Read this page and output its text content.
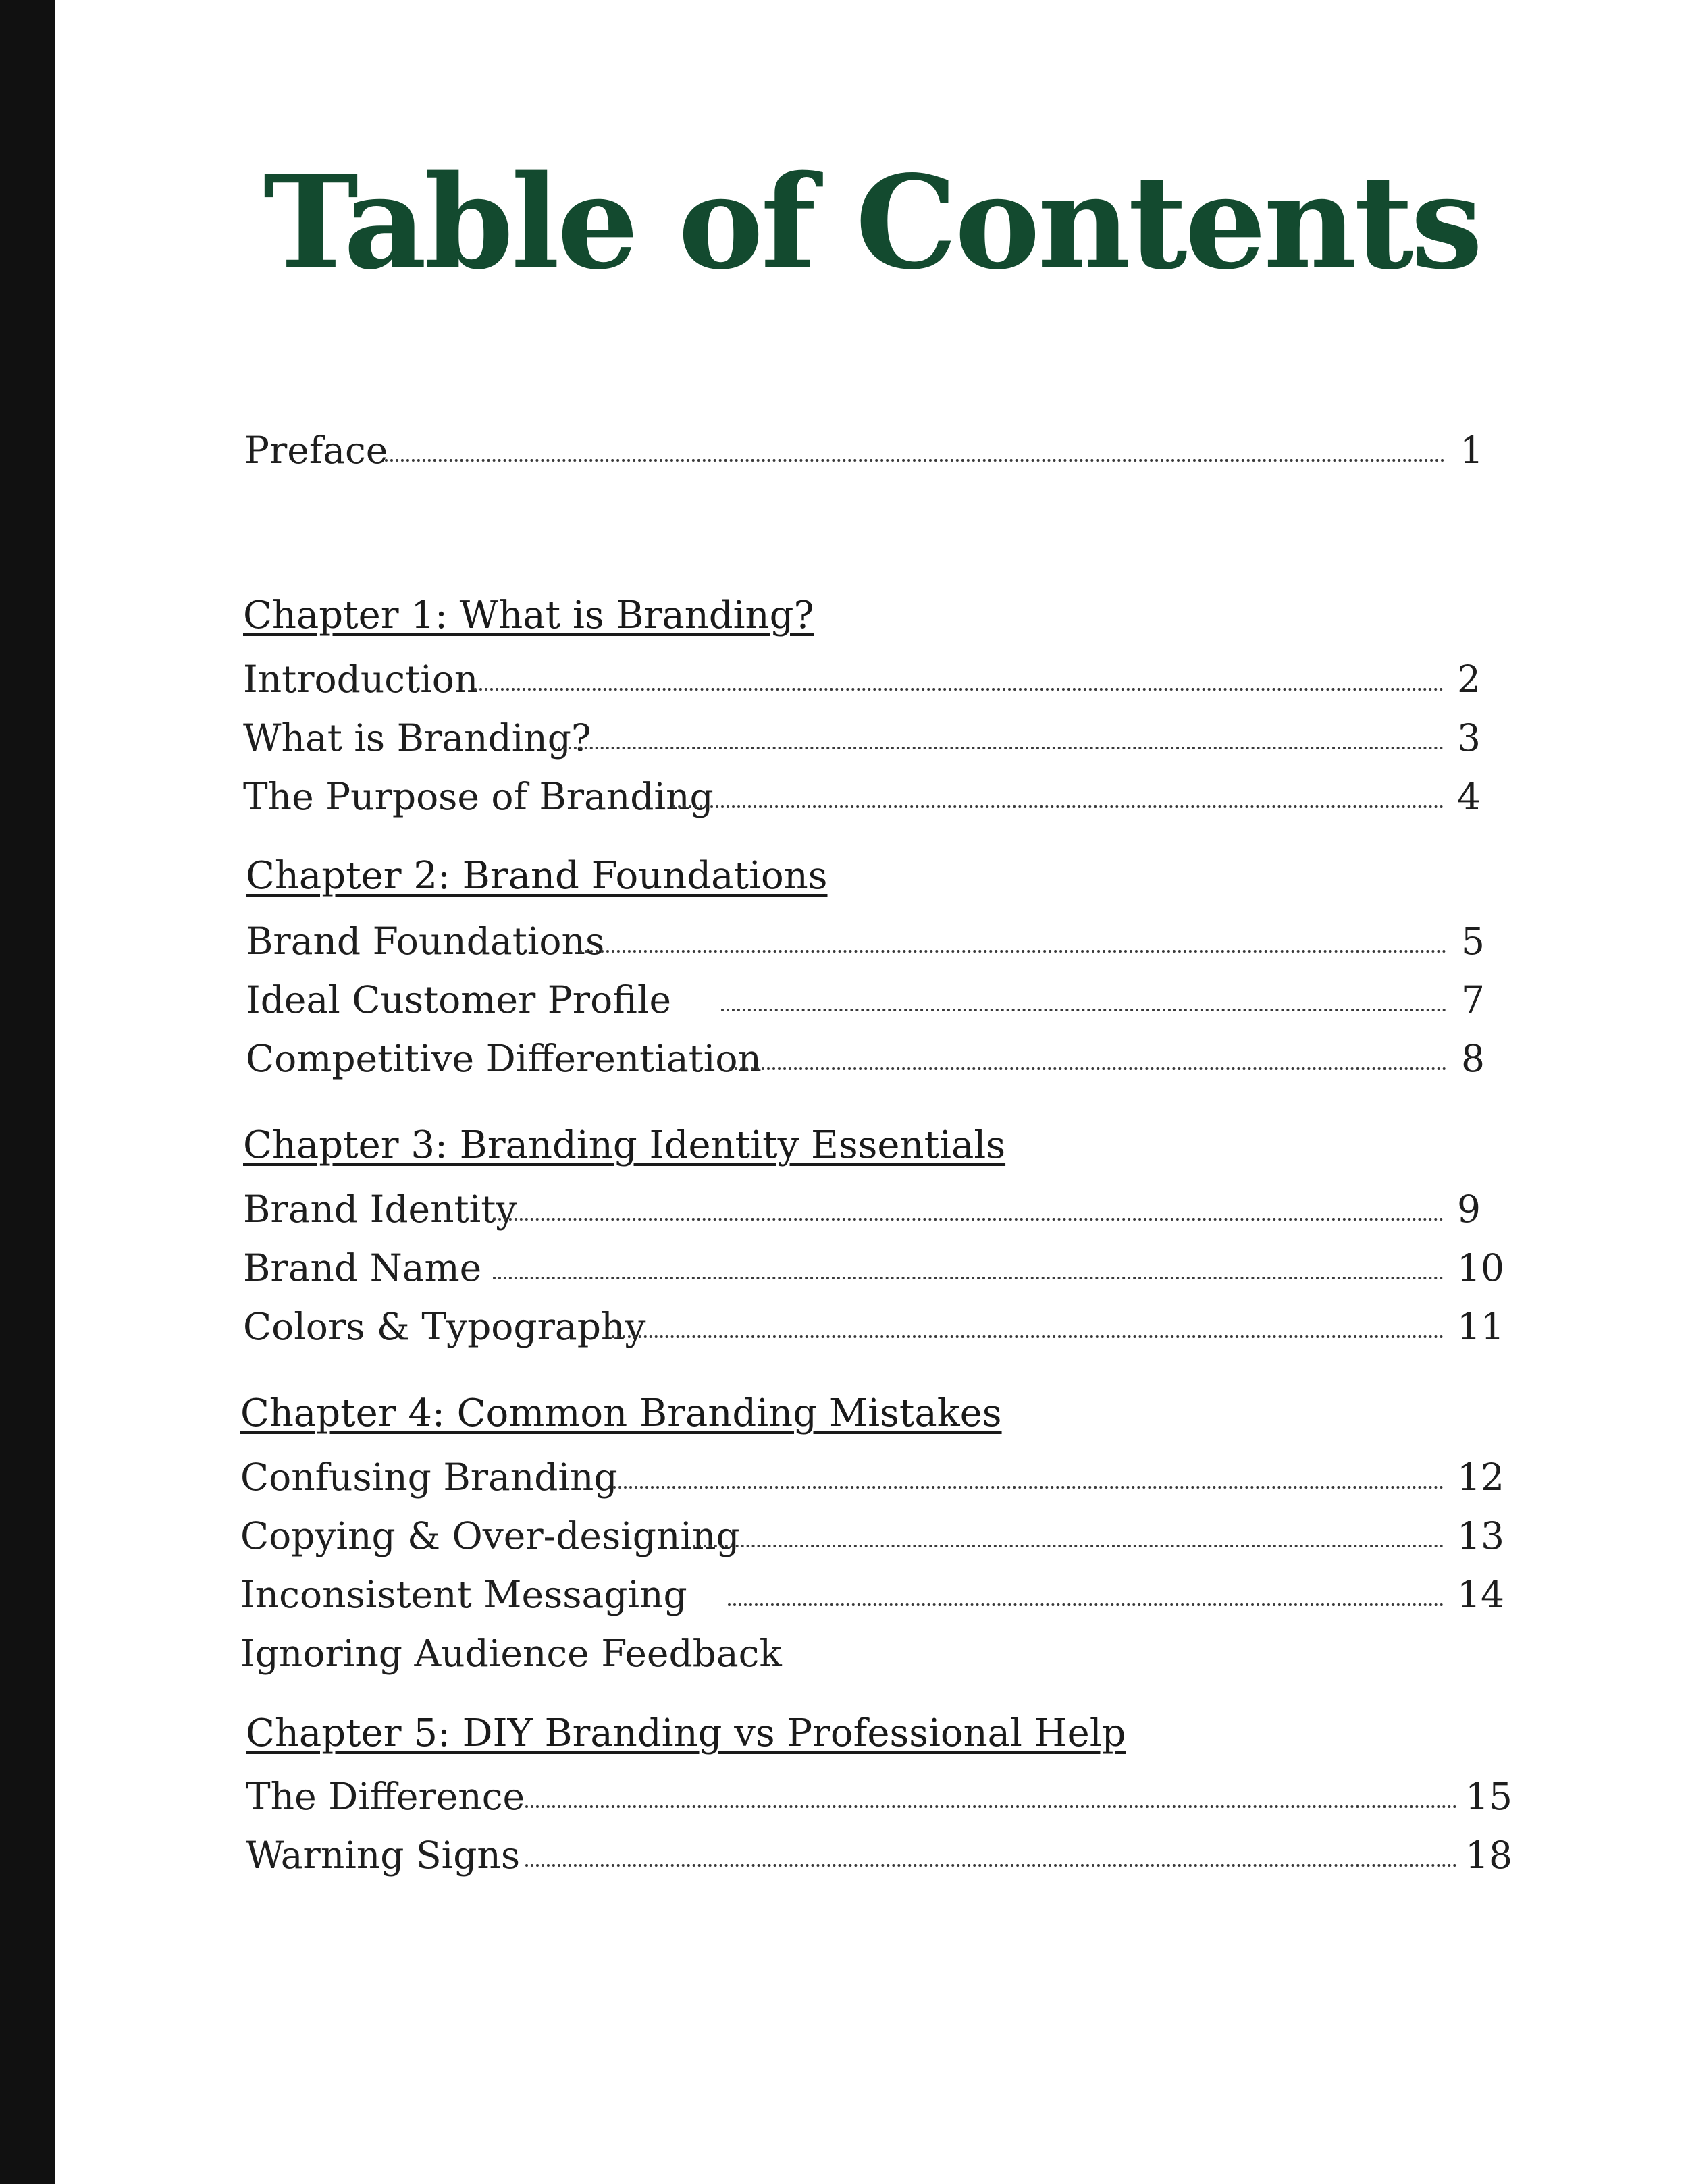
Table of Contents
Preface	1
Chapter 1: What is Branding?
Introduction	2
What is Branding?	3
The Purpose of Branding	4
Chapter 2: Brand Foundations
Brand Foundations	5
Ideal Customer Profile	7
Competitive Differentiation	8
Chapter 3: Branding Identity Essentials
Brand Identity	9
Brand Name	10
Colors & Typography	11
Chapter 4: Common Branding Mistakes
Confusing Branding	12
Copying & Over-designing	13
Inconsistent Messaging	14
Ignoring Audience Feedback
Chapter 5: DIY Branding vs Professional Help
The Difference	15
Warning Signs	18
